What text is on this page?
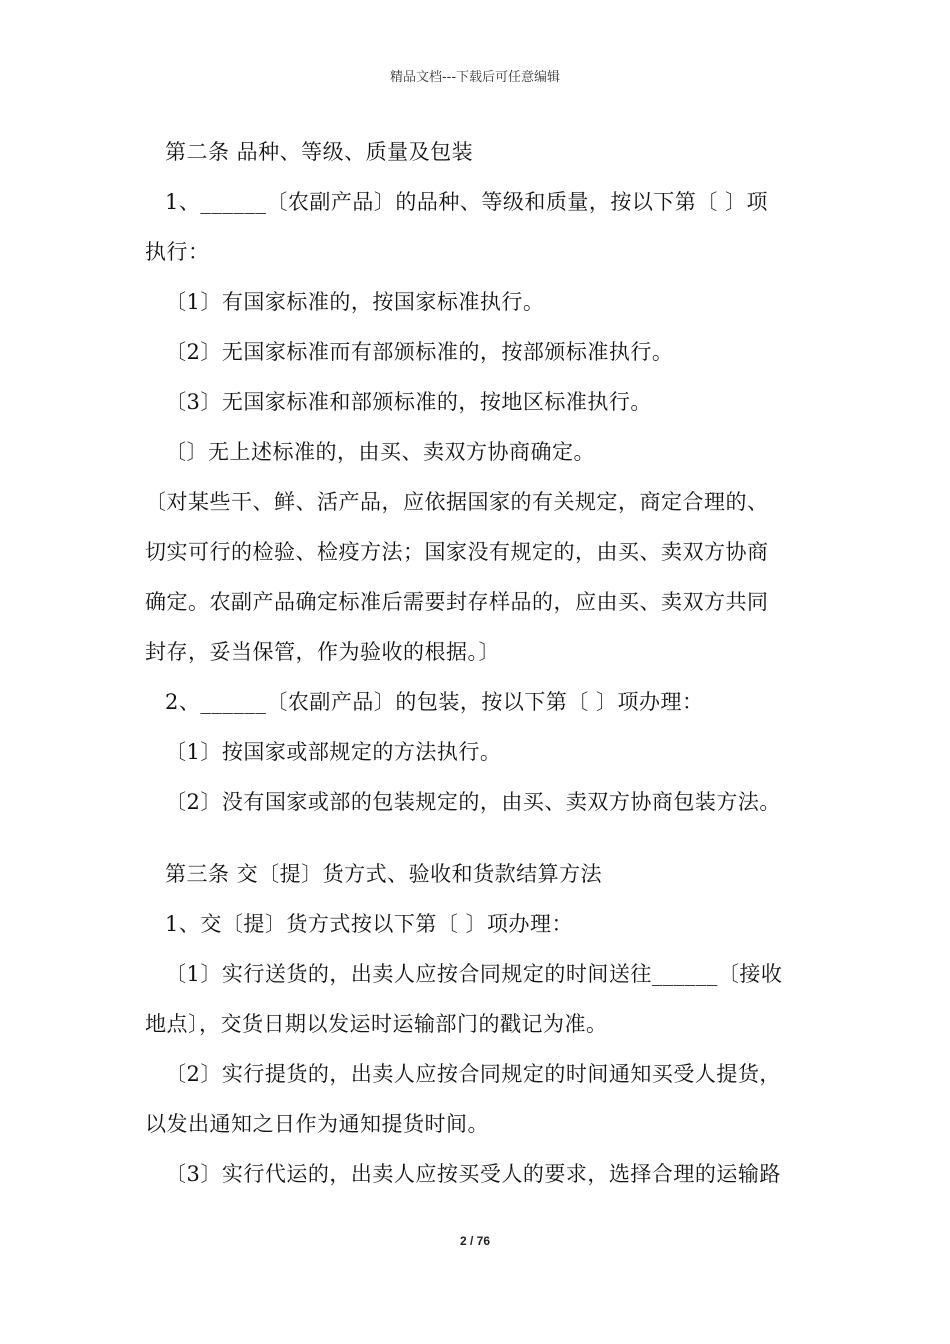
精品文档---下载后可任意编辑
第二条 品种、等级、质量及包装
1、______〔农副产品〕的品种、等级和质量，按以下第〔 〕项
执行：
〔1〕有国家标准的，按国家标准执行。
〔2〕无国家标准而有部颁标准的，按部颁标准执行。
〔3〕无国家标准和部颁标准的，按地区标准执行。
〔〕无上述标准的，由买、卖双方协商确定。
〔对某些干、鲜、活产品，应依据国家的有关规定，商定合理的、
切实可行的检验、检疫方法；国家没有规定的，由买、卖双方协商
确定。农副产品确定标准后需要封存样品的，应由买、卖双方共同
封存，妥当保管，作为验收的根据。〕
2、______〔农副产品〕的包装，按以下第〔 〕项办理：
〔1〕按国家或部规定的方法执行。
〔2〕没有国家或部的包装规定的，由买、卖双方协商包装方法。
第三条 交〔提〕货方式、验收和货款结算方法
1、交〔提〕货方式按以下第〔 〕项办理：
〔1〕实行送货的，出卖人应按合同规定的时间送往______〔接收
地点〕，交货日期以发运时运输部门的戳记为准。
〔2〕实行提货的，出卖人应按合同规定的时间通知买受人提货，
以发出通知之日作为通知提货时间。
〔3〕实行代运的，出卖人应按买受人的要求，选择合理的运输路
2 / 76
